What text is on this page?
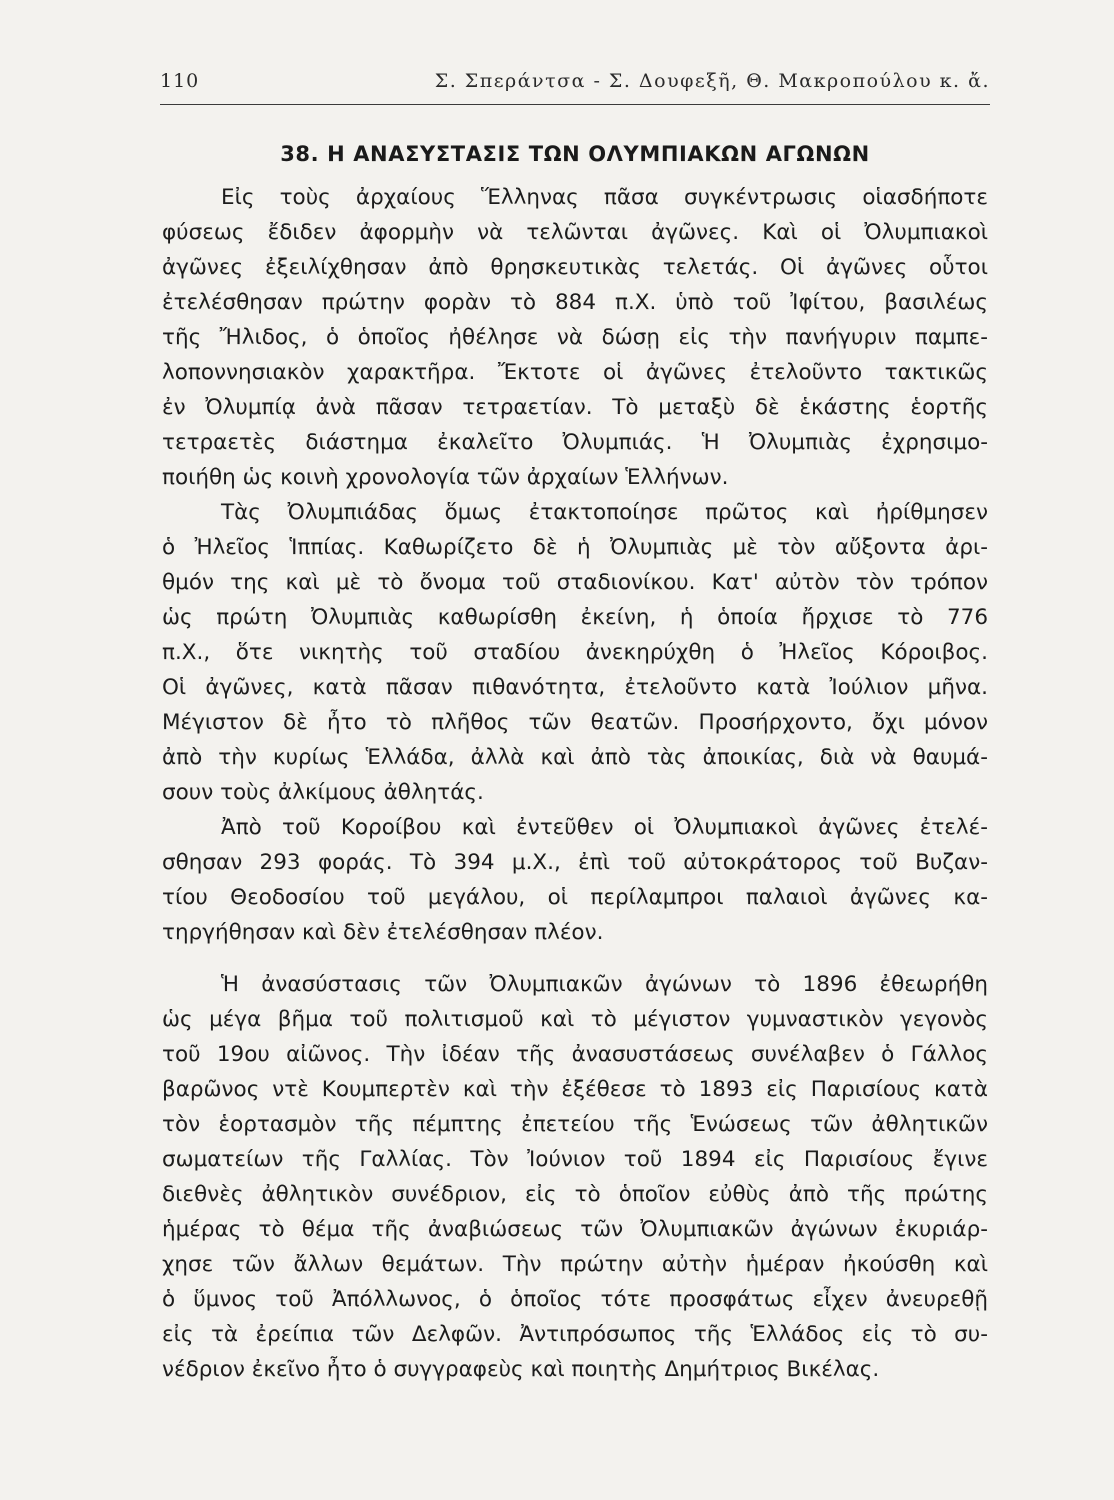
110	Σ. Σπεράντσα - Σ. Δουφεξῆ, Θ. Μακροπούλου κ. ἄ.
38. Η ΑΝΑΣΥΣΤΑΣΙΣ ΤΩΝ ΟΛΥΜΠΙΑΚΩΝ ΑΓΩΝΩΝ
Εἰς τοὺς ἀρχαίους Ἕλληνας πᾶσα συγκέντρωσις οἱασδήποτε
φύσεως ἔδιδεν ἀφορμὴν νὰ τελῶνται ἀγῶνες. Καὶ οἱ Ὀλυμπιακοὶ
ἀγῶνες ἐξειλίχθησαν ἀπὸ θρησκευτικὰς τελετάς. Οἱ ἀγῶνες οὗτοι
ἐτελέσθησαν πρώτην φορὰν τὸ 884 π.Χ. ὑπὸ τοῦ Ἰφίτου, βασιλέως
τῆς Ἤλιδος, ὁ ὁποῖος ἠθέλησε νὰ δώσῃ εἰς τὴν πανήγυριν παμπε-
λοποννησιακὸν χαρακτῆρα. Ἔκτοτε οἱ ἀγῶνες ἐτελοῦντο τακτικῶς
ἐν Ὀλυμπίᾳ ἀνὰ πᾶσαν τετραετίαν. Τὸ μεταξὺ δὲ ἑκάστης ἑορτῆς
τετραετὲς διάστημα ἐκαλεῖτο Ὀλυμπιάς. Ἡ Ὀλυμπιὰς ἐχρησιμο-
ποιήθη ὡς κοινὴ χρονολογία τῶν ἀρχαίων Ἑλλήνων.
Τὰς Ὀλυμπιάδας ὅμως ἐτακτοποίησε πρῶτος καὶ ἠρίθμησεν
ὁ Ἠλεῖος Ἱππίας. Καθωρίζετο δὲ ἡ Ὀλυμπιὰς μὲ τὸν αὔξοντα ἀρι-
θμόν της καὶ μὲ τὸ ὄνομα τοῦ σταδιονίκου. Κατ' αὐτὸν τὸν τρόπον
ὡς πρώτη Ὀλυμπιὰς καθωρίσθη ἐκείνη, ἡ ὁποία ἤρχισε τὸ 776
π.Χ., ὅτε νικητὴς τοῦ σταδίου ἀνεκηρύχθη ὁ Ἠλεῖος Κόροιβος.
Οἱ ἀγῶνες, κατὰ πᾶσαν πιθανότητα, ἐτελοῦντο κατὰ Ἰούλιον μῆνα.
Μέγιστον δὲ ἦτο τὸ πλῆθος τῶν θεατῶν. Προσήρχοντο, ὄχι μόνον
ἀπὸ τὴν κυρίως Ἑλλάδα, ἀλλὰ καὶ ἀπὸ τὰς ἀποικίας, διὰ νὰ θαυμά-
σουν τοὺς ἀλκίμους ἀθλητάς.
Ἀπὸ τοῦ Κοροίβου καὶ ἐντεῦθεν οἱ Ὀλυμπιακοὶ ἀγῶνες ἐτελέ-
σθησαν 293 φοράς. Τὸ 394 μ.Χ., ἐπὶ τοῦ αὐτοκράτορος τοῦ Βυζαν-
τίου Θεοδοσίου τοῦ μεγάλου, οἱ περίλαμπροι παλαιοὶ ἀγῶνες κα-
τηργήθησαν καὶ δὲν ἐτελέσθησαν πλέον.
Ἡ ἀνασύστασις τῶν Ὀλυμπιακῶν ἀγώνων τὸ 1896 ἐθεωρήθη
ὡς μέγα βῆμα τοῦ πολιτισμοῦ καὶ τὸ μέγιστον γυμναστικὸν γεγονὸς
τοῦ 19ου αἰῶνος. Τὴν ἰδέαν τῆς ἀνασυστάσεως συνέλαβεν ὁ Γάλλος
βαρῶνος ντὲ Κουμπερτὲν καὶ τὴν ἐξέθεσε τὸ 1893 εἰς Παρισίους κατὰ
τὸν ἑορτασμὸν τῆς πέμπτης ἐπετείου τῆς Ἑνώσεως τῶν ἀθλητικῶν
σωματείων τῆς Γαλλίας. Τὸν Ἰούνιον τοῦ 1894 εἰς Παρισίους ἔγινε
διεθνὲς ἀθλητικὸν συνέδριον, εἰς τὸ ὁποῖον εὐθὺς ἀπὸ τῆς πρώτης
ἡμέρας τὸ θέμα τῆς ἀναβιώσεως τῶν Ὀλυμπιακῶν ἀγώνων ἐκυριάρ-
χησε τῶν ἄλλων θεμάτων. Τὴν πρώτην αὐτὴν ἡμέραν ἠκούσθη καὶ
ὁ ὕμνος τοῦ Ἀπόλλωνος, ὁ ὁποῖος τότε προσφάτως εἶχεν ἀνευρεθῇ
εἰς τὰ ἐρείπια τῶν Δελφῶν. Ἀντιπρόσωπος τῆς Ἑλλάδος εἰς τὸ συ-
νέδριον ἐκεῖνο ἦτο ὁ συγγραφεὺς καὶ ποιητὴς Δημήτριος Βικέλας.
